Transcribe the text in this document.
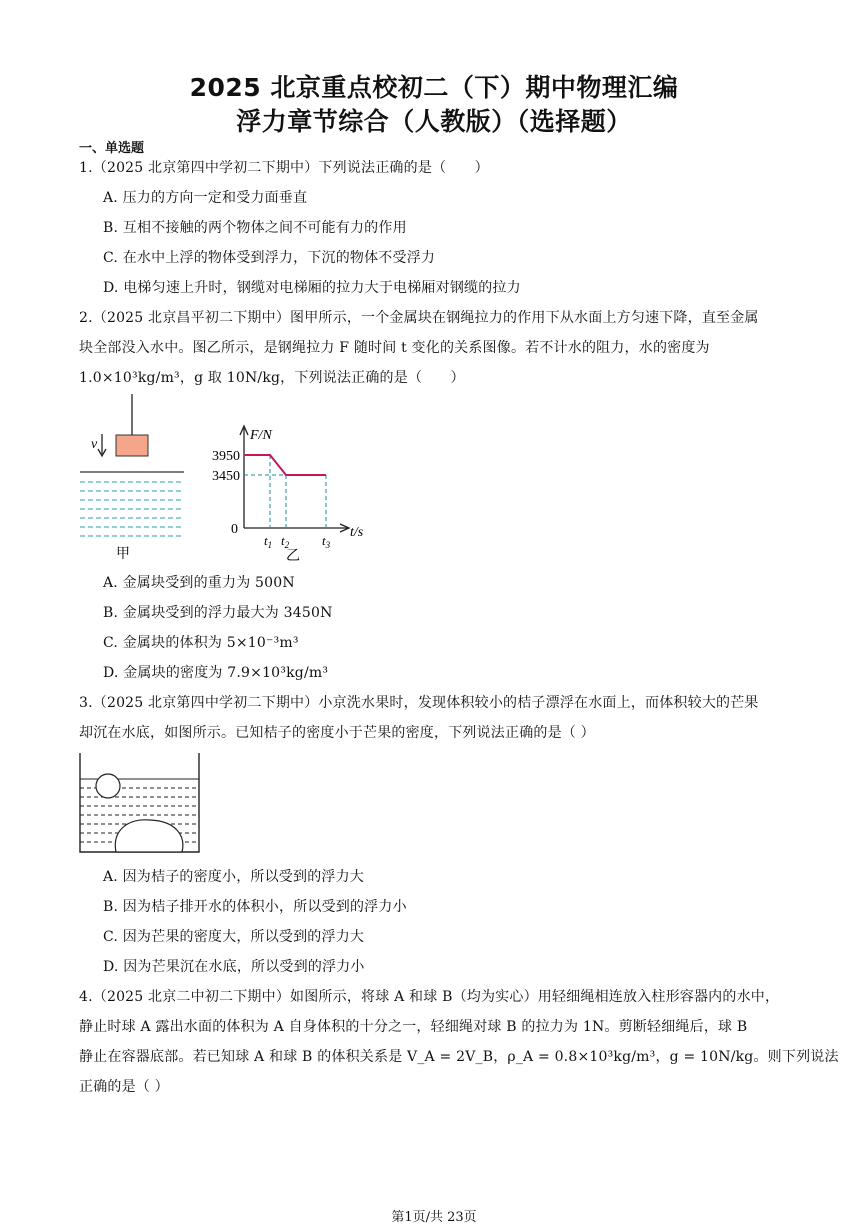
2025 北京重点校初二（下）期中物理汇编
浮力章节综合（人教版）（选择题）
一、单选题
1.（2025 北京第四中学初二下期中）下列说法正确的是（　　）
A. 压力的方向一定和受力面垂直
B. 互相不接触的两个物体之间不可能有力的作用
C. 在水中上浮的物体受到浮力，下沉的物体不受浮力
D. 电梯匀速上升时，钢缆对电梯厢的拉力大于电梯厢对钢缆的拉力
2.（2025 北京昌平初二下期中）图甲所示，一个金属块在钢绳拉力的作用下从水面上方匀速下降，直至金属
块全部没入水中。图乙所示，是钢绳拉力 F 随时间 t 变化的关系图像。若不计水的阻力，水的密度为
1.0×10³kg/m³，g 取 10N/kg，下列说法正确的是（　　）
v
甲
F/N
t/s
0
3950
3450
$t_1$ $t_2$	$t_3$
乙
A. 金属块受到的重力为 500N
B. 金属块受到的浮力最大为 3450N
C. 金属块的体积为 5×10⁻³m³
D. 金属块的密度为 7.9×10³kg/m³
3.（2025 北京第四中学初二下期中）小京洗水果时，发现体积较小的桔子漂浮在水面上，而体积较大的芒果
却沉在水底，如图所示。已知桔子的密度小于芒果的密度，下列说法正确的是（ ）
A. 因为桔子的密度小，所以受到的浮力大
B. 因为桔子排开水的体积小，所以受到的浮力小
C. 因为芒果的密度大，所以受到的浮力大
D. 因为芒果沉在水底，所以受到的浮力小
4.（2025 北京二中初二下期中）如图所示，将球 A 和球 B（均为实心）用轻细绳相连放入柱形容器内的水中，
静止时球 A 露出水面的体积为 A 自身体积的十分之一，轻细绳对球 B 的拉力为 1N。剪断轻细绳后，球 B
静止在容器底部。若已知球 A 和球 B 的体积关系是 V_A = 2V_B，ρ_A = 0.8×10³kg/m³，g = 10N/kg。则下列说法
正确的是（ ）
第1页/共 23页
